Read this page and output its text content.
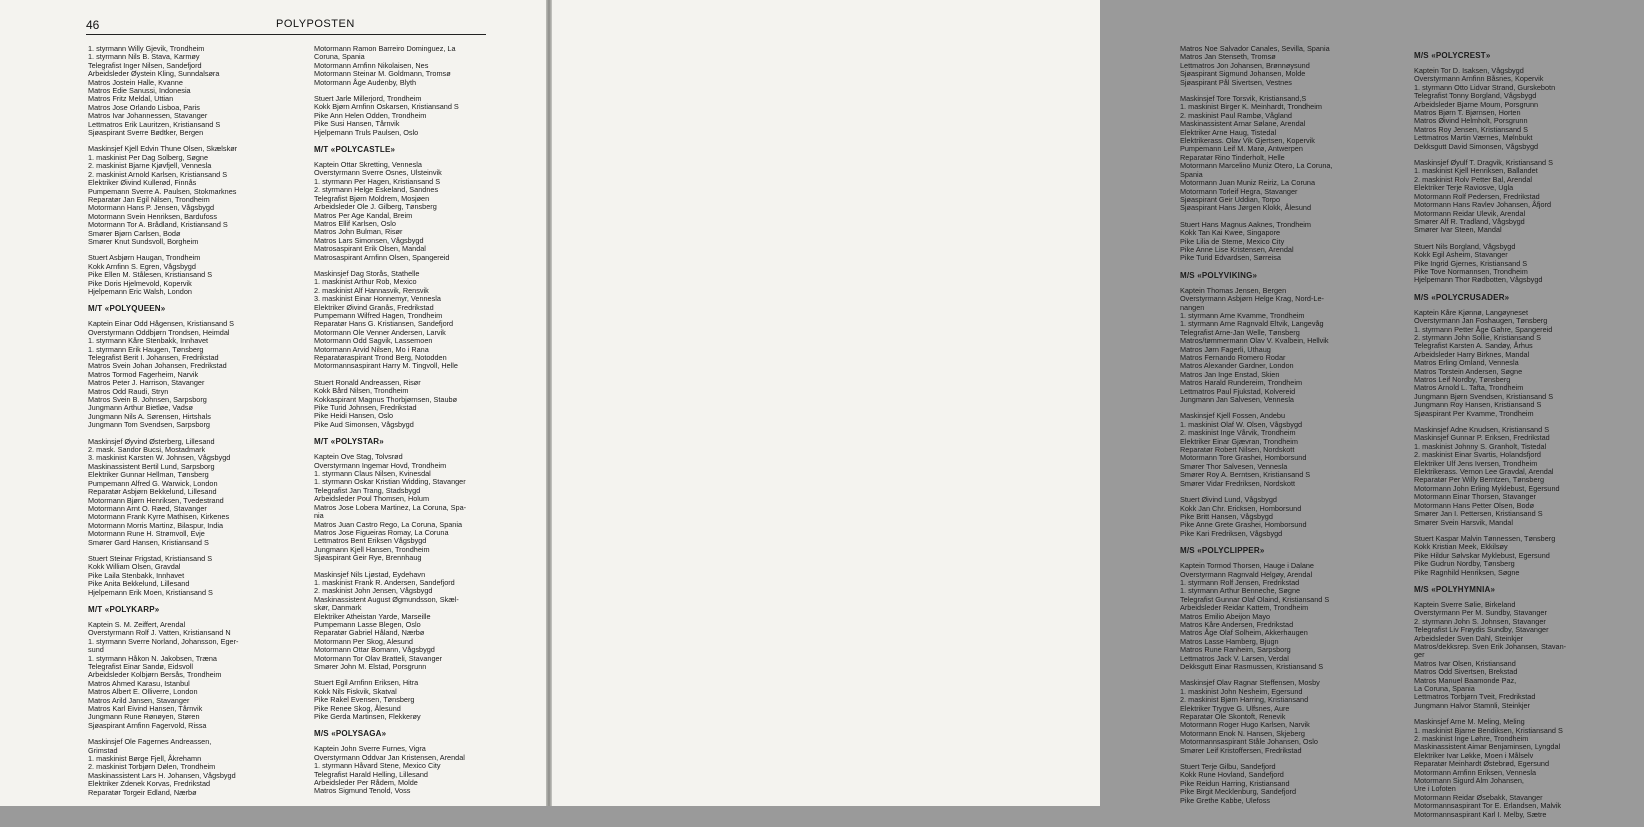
46	POLYPOSTEN
1. styrmann Willy Gjevik, Trondheim
1. styrmann Nils B. Stava, Karmøy
Telegrafist Inger Nilsen, Sandefjord
Arbeidsleder Øystein Kling, Sunndalsøra
Matros Jostein Halle, Kvanne
Matros Edie Sanussi, Indonesia
Matros Fritz Meldal, Uttian
Matros Jose Orlando Lisboa, Paris
Matros Ivar Johannessen, Stavanger
Lettmatros Erik Lauritzen, Kristiansand S
Sjøaspirant Sverre Bødtker, Bergen
Maskinsjef Kjell Edvin Thune Olsen, Skælskør
1. maskinist Per Dag Solberg, Søgne
2. maskinist Bjarne Kjøvfjell, Vennesla
2. maskinist Arnold Karlsen, Kristiansand S
Elektriker Øivind Kullerød, Finnås
Pumpemann Sverre A. Paulsen, Stokmarknes
Reparatør Jan Egil Nilsen, Trondheim
Motormann Hans P. Jensen, Vågsbygd
Motormann Svein Henriksen, Bardufoss
Motormann Tor A. Brådland, Kristiansand S
Smører Bjørn Carlsen, Bodø
Smører Knut Sundsvoll, Borgheim
Stuert Asbjørn Haugan, Trondheim
Kokk Arnfinn S. Egren, Vågsbygd
Pike Ellen M. Stålesen, Kristiansand S
Pike Doris Hjelmevold, Kopervik
Hjelpemann Eric Walsh, London
M/T «POLYQUEEN»
Kaptein Einar Odd Hågensen, Kristiansand S
Overstyrmann Oddbjørn Trondsen, Heimdal
1. styrmann Kåre Stenbakk, Innhavet
1. styrmann Erik Haugen, Tønsberg
Telegrafist Berit I. Johansen, Fredrikstad
Matros Svein Johan Johansen, Fredrikstad
Matros Tormod Fagerheim, Narvik
Matros Peter J. Harrison, Stavanger
Matros Odd Raudi, Stryn
Matros Svein B. Johnsen, Sarpsborg
Jungmann Arthur Bietløe, Vadsø
Jungmann Nils A. Sørensen, Hirtshals
Jungmann Tom Svendsen, Sarpsborg
Maskinsjef Øyvind Østerberg, Lillesand
2. mask. Sandor Bucsi, Mostadmark
3. maskinist Karsten W. Johnsen, Vågsbygd
Maskinassistent Bertil Lund, Sarpsborg
Elektriker Gunnar Hellman, Tønsberg
Pumpemann Alfred G. Warwick, London
Reparatør Asbjørn Bekkelund, Lillesand
Motormann Bjørn Henriksen, Tvedestrand
Motormann Arnt O. Røed, Stavanger
Motormann Frank Kyrre Mathisen, Kirkenes
Motormann Morris Martinz, Bilaspur, India
Motormann Rune H. Strømvoll, Evje
Smører Gard Hansen, Kristiansand S
Stuert Steinar Frigstad, Kristiansand S
Kokk William Olsen, Gravdal
Pike Laila Stenbakk, Innhavet
Pike Anita Bekkelund, Lillesand
Hjelpemann Erik Moen, Kristiansand S
M/T «POLYKARP»
Kaptein S. M. Zeiffert, Arendal
Overstyrmann Rolf J. Vatten, Kristiansand N
1. styrmann Sverre Norland, Johansson, Eger-
sund
1. styrmann Håkon N. Jakobsen, Træna
Telegrafist Einar Sandø, Eidsvoll
Arbeidsleder Kolbjørn Bersås, Trondheim
Matros Ahmed Karasu, Istanbul
Matros Albert E. Olliverre, London
Matros Arild Jansen, Stavanger
Matros Karl Eivind Hansen, Tårnvik
Jungmann Rune Rønøyen, Støren
Sjøaspirant Arnfinn Fagervold, Rissa
Maskinsjef Ole Fagernes Andreassen,
Grimstad
1. maskinist Børge Fjell, Åkrehamn
2. maskinist Torbjørn Dølen, Trondheim
Maskinassistent Lars H. Johansen, Vågsbygd
Elektriker Zdenek Korvas, Fredrikstad
Reparatør Torgeir Edland, Nærbø
Motormann Ramon Barreiro Dominguez, La
Coruna, Spania
Motormann Arnfinn Nikolaisen, Nes
Motormann Steinar M. Goldmann, Tromsø
Motormann Åge Audenby, Blyth
Stuert Jarle Millerjord, Trondheim
Kokk Bjørn Arnfinn Oskarsen, Kristiansand S
Pike Ann Helen Odden, Trondheim
Pike Susi Hansen, Tårnvik
Hjelpemann Truls Paulsen, Oslo
M/T «POLYCASTLE»
Kaptein Ottar Skretting, Vennesla
Overstyrmann Sverre Osnes, Ulsteinvik
1. styrmann Per Hagen, Kristiansand S
2. styrmann Helge Eskeland, Sandnes
Telegrafist Bjørn Moldrem, Mosjøen
Arbeidsleder Ole J. Gilberg, Tønsberg
Matros Per Age Kandal, Breim
Matros Ellif Karlsen, Oslo
Matros John Bulman, Risør
Matros Lars Simonsen, Vågsbygd
Matrosaspirant Erik Olsen, Mandal
Matrosaspirant Arnfinn Olsen, Spangereid
Maskinsjef Dag Storås, Stathelle
1. maskinist Arthur Rob, Mexico
2. maskinist Alf Hannasvik, Rensvik
3. maskinist Einar Honnemyr, Vennesla
Elektriker Øivind Granås, Fredrikstad
Pumpemann Wilfred Hagen, Trondheim
Reparatør Hans G. Kristiansen, Sandefjord
Motormann Ole Venner Andersen, Larvik
Motormann Odd Sagvik, Lassemoen
Motormann Arvid Nilsen, Mo i Rana
Reparatøraspirant Trond Berg, Notodden
Motormannsaspirant Harry M. Tingvoll, Helle
Stuert Ronald Andreassen, Risør
Kokk Bård Nilsen, Trondheim
Kokkaspirant Magnus Thorbjørnsen, Staubø
Pike Turid Johnsen, Fredrikstad
Pike Heidi Hansen, Oslo
Pike Aud Simonsen, Vågsbygd
M/T «POLYSTAR»
Kaptein Ove Stag, Tolvsrød
Overstyrmann Ingemar Hovd, Trondheim
1. styrmann Claus Nilsen, Kvinesdal
1. styrmann Oskar Kristian Widding, Stavanger
Telegrafist Jan Trang, Stadsbygd
Arbeidsleder Poul Thomsen, Holum
Matros Jose Lobera Martinez, La Coruna, Spa-
nia
Matros Juan Castro Rego, La Coruna, Spania
Matros Jose Figueiras Romay, La Coruna
Lettmatros Bent Eriksen Vågsbygd
Jungmann Kjell Hansen, Trondheim
Sjøaspirant Geir Rye, Brennhaug
Maskinsjef Nils Ljøstad, Eydehavn
1. maskinist Frank R. Andersen, Sandefjord
2. maskinist John Jensen, Vågsbygd
Maskinassistent August Øgmundsson, Skæl-
skør, Danmark
Elektriker Atheistan Yarde, Marseille
Pumpemann Lasse Blegen, Oslo
Reparatør Gabriel Håland, Nærbø
Motormann Per Skog, Alesund
Motormann Ottar Bomann, Vågsbygd
Motormann Tor Olav Bratteli, Stavanger
Smører John M. Elstad, Porsgrunn
Stuert Egil Arnfinn Eriksen, Hitra
Kokk Nils Fiskvik, Skatval
Pike Rakel Evensen, Tønsberg
Pike Renee Skog, Ålesund
Pike Gerda Martinsen, Flekkerøy
M/S «POLYSAGA»
Kaptein John Sverre Furnes, Vigra
Overstyrmann Oddvar Jan Kristensen, Arendal
1. styrmann Håvard Stene, Mexico City
Telegrafist Harald Helling, Lillesand
Arbeidsleder Per Rådem, Molde
Matros Sigmund Tenold, Voss
Matros Noe Salvador Canales, Sevilla, Spania
Matros Jan Stenseth, Tromsø
Lettmatros Jon Johansen, Brønnøysund
Sjøaspirant Sigmund Johansen, Molde
Sjøaspirant Pål Sivertsen, Vestnes
Maskinsjef Tore Torsvik, Kristiansand,S
1. maskinist Birger K. Meinhardt, Trondheim
2. maskinist Paul Rambø, Vågland
Maskinassistent Arnar Sølane, Arendal
Elektriker Arne Haug, Tistedal
Elektrikerass. Olav Vik Gjertsen, Kopervik
Pumpemann Leif M. Marø, Antwerpen
Reparatør Rino Tinderholt, Helle
Motormann Marcelino Muniz Otero, La Coruna,
Spania
Motormann Juan Muniz Reiriz, La Coruna
Motormann Torleif Hegra, Stavanger
Sjøaspirant Geir Uddian, Torpo
Sjøaspirant Hans Jørgen Klokk, Ålesund
Stuert Hans Magnus Aaknes, Trondheim
Kokk Tan Kai Kwee, Singapore
Pike Lilia de Steme, Mexico City
Pike Anne Lise Kristensen, Arendal
Pike Turid Edvardsen, Sørreisa
M/S «POLYVIKING»
Kaptein Thomas Jensen, Bergen
Overstyrmann Asbjørn Helge Krag, Nord-Le-
nangen
1. styrmann Arne Kvamme, Trondheim
1. styrmann Arne Ragnvald Eltvik, Langevåg
Telegrafist Arne-Jan Welle, Tønsberg
Matros/tømmermann Olav V. Kvalbein, Hellvik
Matros Jørn Fagerli, Uthaug
Matros Fernando Romero Rodar
Matros Alexander Gardner, London
Matros Jan Inge Enstad, Skien
Matros Harald Rundereim, Trondheim
Lettmatros Paul Fjukstad, Kolvereid
Jungmann Jan Salvesen, Vennesla
Maskinsjef Kjell Fossen, Andebu
1. maskinist Olaf W. Olsen, Vågsbygd
2. maskinist Inge Vårvik, Trondheim
Elektriker Einar Gjævran, Trondheim
Reparatør Robert Nilsen, Nordskott
Motormann Tore Grashei, Homborsund
Smører Thor Salvesen, Vennesla
Smører Roy A. Berntsen, Kristiansand S
Smører Vidar Fredriksen, Nordskott
Stuert Øivind Lund, Vågsbygd
Kokk Jan Chr. Ericksen, Homborsund
Pike Britt Hansen, Vågsbygd
Pike Anne Grete Grashei, Homborsund
Pike Kari Fredriksen, Vågsbygd
M/S «POLYCLIPPER»
Kaptein Tormod Thorsen, Hauge i Dalane
Overstyrmann Ragnvald Helgøy, Arendal
1. styrmann Rolf Jensen, Fredrikstad
1. styrmann Arthur Benneche, Søgne
Telegrafist Gunnar Olaf Olaind, Kristiansand S
Arbeidsleder Reidar Kattem, Trondheim
Matros Emilio Abeijon Mayo
Matros Kåre Andersen, Fredrikstad
Matros Åge Olaf Solheim, Akkerhaugen
Matros Lasse Hamberg, Bjugn
Matros Rune Ranheim, Sarpsborg
Lettmatros Jack V. Larsen, Verdal
Dekksgutt Einar Rasmussen, Kristiansand S
Maskinsjef Olav Ragnar Steffensen, Mosby
1. maskinist John Nesheim, Egersund
2. maskinist Bjørn Harring, Kristiansand
Elektriker Trygve G. Ulfsnes, Aure
Reparatør Ole Skontoft, Renevik
Motormann Roger Hugo Karlsen, Narvik
Motormann Enok N. Hansen, Skjeberg
Motormannsaspirant Ståle Johansen, Oslo
Smører Leif Kristoffersen, Fredrikstad
Stuert Terje Gilbu, Sandefjord
Kokk Rune Hovland, Sandefjord
Pike Reidun Harring, Kristiansand
Pike Birgit Mecklenburg, Sandefjord
Pike Grethe Kabbe, Ulefoss
M/S «POLYCREST»
Kaptein Tor D. Isaksen, Vågsbygd
Overstyrmann Arnfinn Båsnes, Kopervik
1. styrmann Otto Lidvar Strand, Gurskebotn
Telegrafist Tonny Borgland, Vågsbygd
Arbeidsleder Bjarne Moum, Porsgrunn
Matros Bjørn T. Bjørnsen, Horten
Matros Øivind Helmholt, Porsgrunn
Matros Roy Jensen, Kristiansand S
Lettmatros Martin Værnes, Mølnbukt
Dekksgutt David Simonsen, Vågsbygd
Maskinsjef Øyulf T. Dragvik, Kristiansand S
1. maskinist Kjell Henriksen, Ballandet
2. maskinist Rolv Petter Bal, Arendal
Elektriker Terje Raviosve, Ugla
Motormann Rolf Pedersen, Fredrikstad
Motormann Hans Ravlev Johansen, Åfjord
Motormann Reidar Ulevik, Arendal
Smører Alf R. Tradland, Vågsbygd
Smører Ivar Steen, Mandal
Stuert Nils Borgland, Vågsbygd
Kokk Egil Asheim, Stavanger
Pike Ingrid Gjernes, Kristiansand S
Pike Tove Normannsen, Trondheim
Hjelpemann Thor Rødbotten, Vågsbygd
M/S «POLYCRUSADER»
Kaptein Kåre Kjønnø, Langøyneset
Overstyrmann Jan Foshaugen, Tønsberg
1. styrmann Petter Åge Gahre, Spangereid
2. styrmann John Sollie, Kristiansand S
Telegrafist Karsten A. Sandøy, Århus
Arbeidsleder Harry Birknes, Mandal
Matros Erling Omland, Vennesla
Matros Torstein Andersen, Søgne
Matros Leif Nordby, Tønsberg
Matros Arnold L. Tafta, Trondheim
Jungmann Bjørn Svendsen, Kristiansand S
Jungmann Roy Hansen, Kristiansand S
Sjøaspirant Per Kvamme, Trondheim
Maskinsjef Adne Knudsen, Kristiansand S
Maskinsjef Gunnar P. Eriksen, Fredrikstad
1. maskinist Johnny S. Granholt, Tistedal
2. maskinist Einar Svartis, Holandsfjord
Elektriker Ulf Jens Iversen, Trondheim
Elektrikerass. Vernon Lee Gravdal, Arendal
Reparatør Per Willy Berntzen, Tønsberg
Motormann John Erling Myklebust, Egersund
Motormann Einar Thorsen, Stavanger
Motormann Hans Petter Olsen, Bodø
Smører Jan I. Pettersen, Kristiansand S
Smører Svein Harsvik, Mandal
Stuert Kaspar Malvin Tønnessen, Tønsberg
Kokk Kristian Meek, Ekkilsøy
Pike Hildur Sølvskar Myklebust, Egersund
Pike Gudrun Nordby, Tønsberg
Pike Ragnhild Henriksen, Søgne
M/S «POLYHYMNIA»
Kaptein Sverre Sølie, Birkeland
Overstyrmann Per M. Sundby, Stavanger
2. styrmann John S. Johnsen, Stavanger
Telegrafist Liv Frøydis Sundby, Stavanger
Arbeidsleder Sven Dahl, Steinkjer
Matros/dekksrep. Sven Erik Johansen, Stavan-
ger
Matros Ivar Olsen, Kristiansand
Matros Odd Sivertsen, Brekstad
Matros Manuel Baamonde Paz,
La Coruna, Spania
Lettmatros Torbjørn Tveit, Fredrikstad
Jungmann Halvor Stamnli, Steinkjer
Maskinsjef Arne M. Meling, Meling
1. maskinist Bjarne Bendiksen, Kristiansand S
2. maskinist Inge Løhre, Trondheim
Maskinassistent Aimar Benjaminsen, Lyngdal
Elektriker Ivar Løkke, Moen i Målselv
Reparatør Meinhardt Østebrød, Egersund
Motormann Arnfinn Eriksen, Vennesla
Motormann Sigurd Alm Johansen,
Ure i Lofoten
Motormann Reidar Øsebakk, Stavanger
Motormannsaspirant Tor E. Erlandsen, Malvik
Motormannsaspirant Karl I. Melby, Sætre
